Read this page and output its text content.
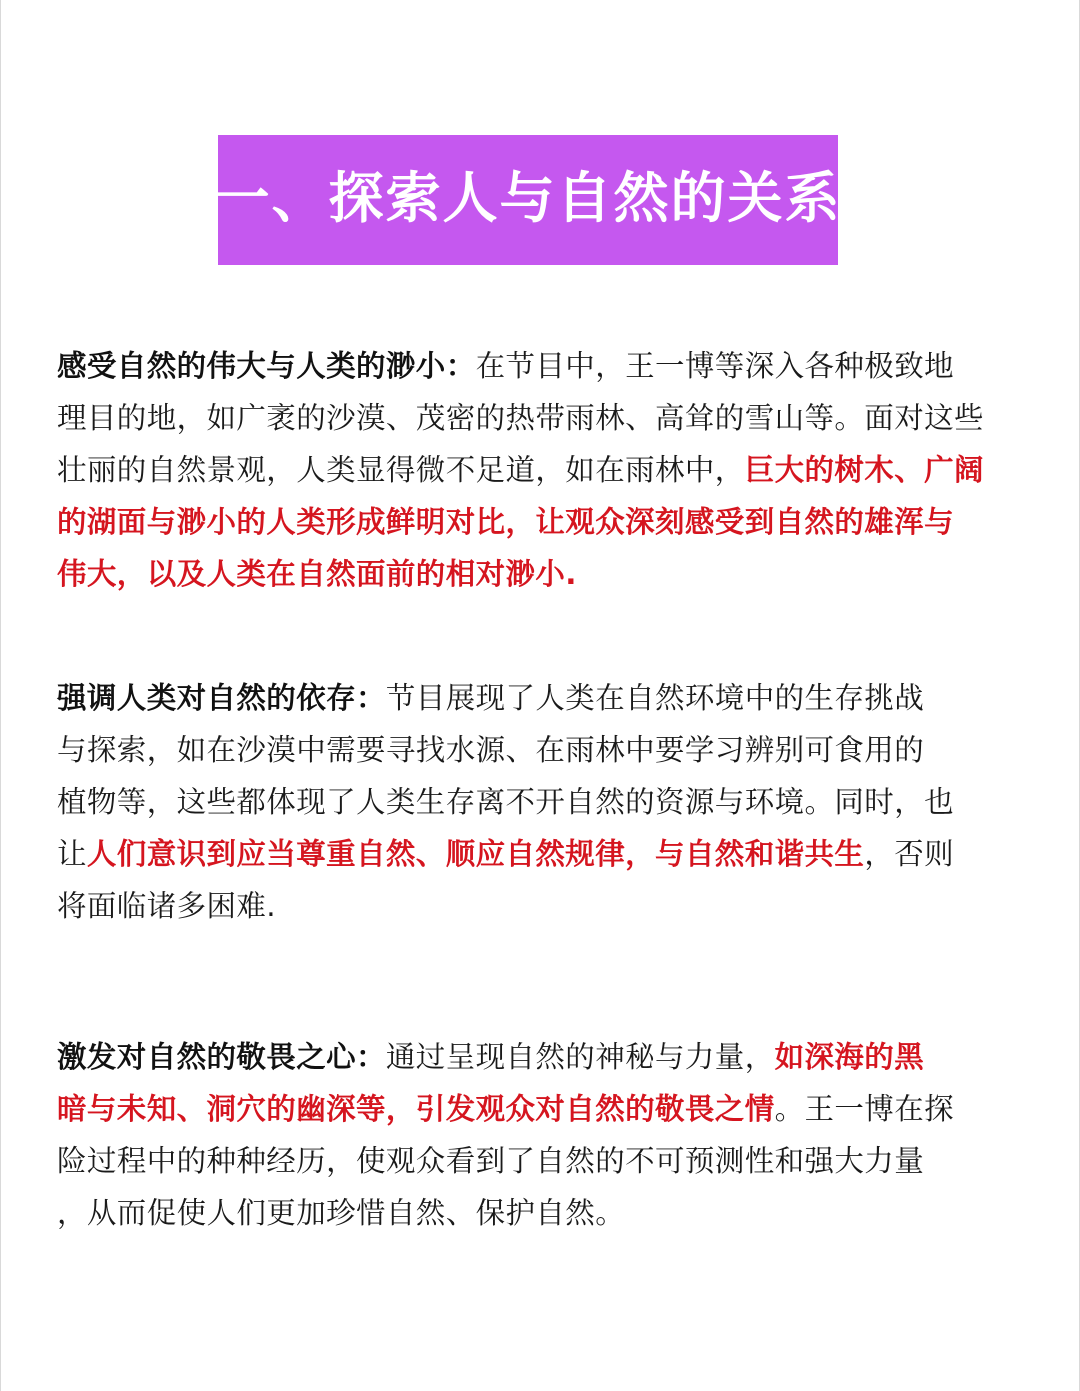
一、探索人与自然的关系
感受自然的伟大与人类的渺小：在节目中，王一博等深入各种极致地
理目的地，如广袤的沙漠、茂密的热带雨林、高耸的雪山等。面对这些
壮丽的自然景观，人类显得微不足道，如在雨林中，巨大的树木、广阔
的湖面与渺小的人类形成鲜明对比，让观众深刻感受到自然的雄浑与
伟大，以及人类在自然面前的相对渺小.
强调人类对自然的依存：节目展现了人类在自然环境中的生存挑战
与探索，如在沙漠中需要寻找水源、在雨林中要学习辨别可食用的
植物等，这些都体现了人类生存离不开自然的资源与环境。同时，也
让人们意识到应当尊重自然、顺应自然规律，与自然和谐共生，否则
将面临诸多困难.
激发对自然的敬畏之心：通过呈现自然的神秘与力量，如深海的黑
暗与未知、洞穴的幽深等，引发观众对自然的敬畏之情。王一博在探
险过程中的种种经历，使观众看到了自然的不可预测性和强大力量
，从而促使人们更加珍惜自然、保护自然。
